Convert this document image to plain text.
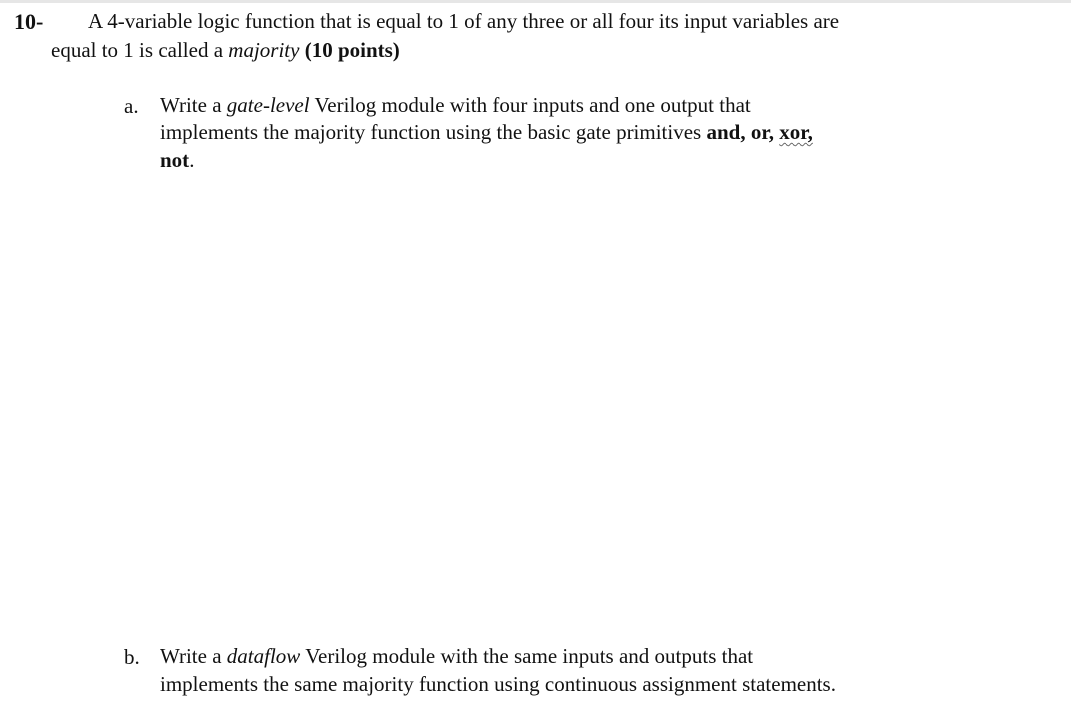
10- A 4-variable logic function that is equal to 1 of any three or all four its input variables are
equal to 1 is called a majority (10 points)
a. Write a gate-level Verilog module with four inputs and one output that
implements the majority function using the basic gate primitives and, or, xor,
not.
b. Write a dataflow Verilog module with the same inputs and outputs that
implements the same majority function using continuous assignment statements.
